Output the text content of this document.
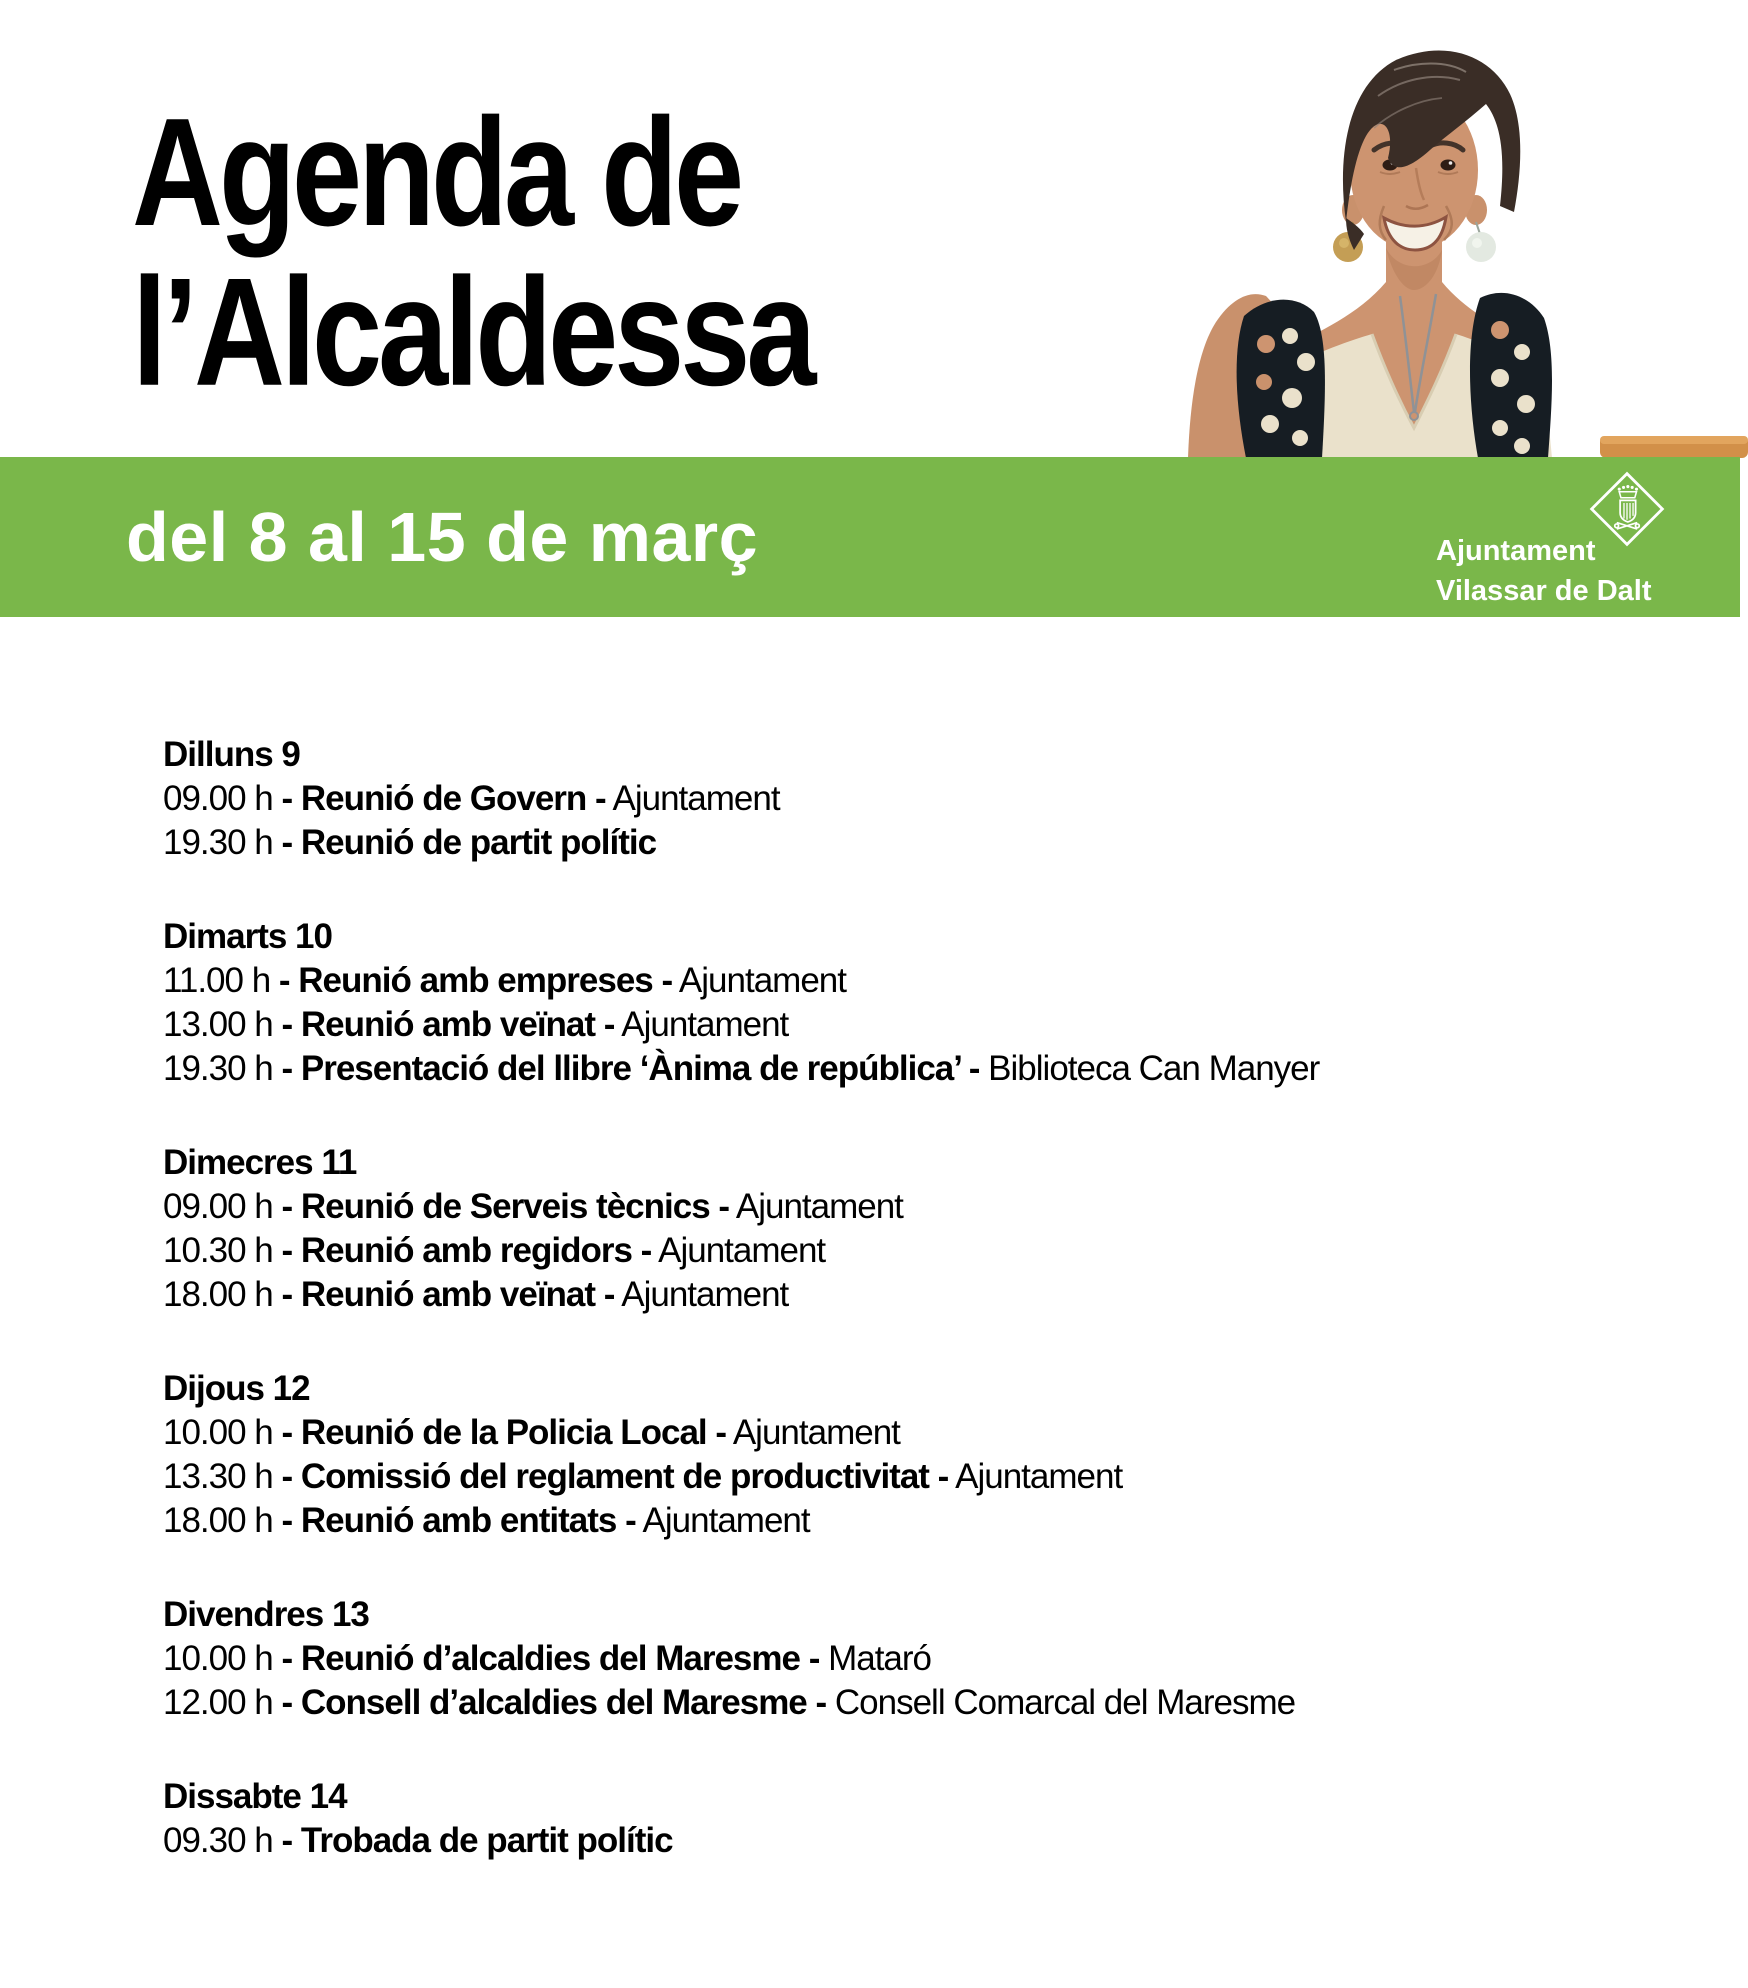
Agenda de
l’Alcaldessa
del 8 al 15 de març	Ajuntament
Vilassar de Dalt
Dilluns 9
09.00 h - Reunió de Govern - Ajuntament
19.30 h - Reunió de partit polític
Dimarts 10
11.00 h - Reunió amb empreses - Ajuntament
13.00 h - Reunió amb veïnat - Ajuntament
19.30 h - Presentació del llibre ‘Ànima de república’ - Biblioteca Can Manyer
Dimecres 11
09.00 h - Reunió de Serveis tècnics - Ajuntament
10.30 h - Reunió amb regidors - Ajuntament
18.00 h - Reunió amb veïnat - Ajuntament
Dijous 12
10.00 h - Reunió de la Policia Local - Ajuntament
13.30 h - Comissió del reglament de productivitat - Ajuntament
18.00 h - Reunió amb entitats - Ajuntament
Divendres 13
10.00 h - Reunió d’alcaldies del Maresme - Mataró
12.00 h - Consell d’alcaldies del Maresme - Consell Comarcal del Maresme
Dissabte 14
09.30 h - Trobada de partit polític
